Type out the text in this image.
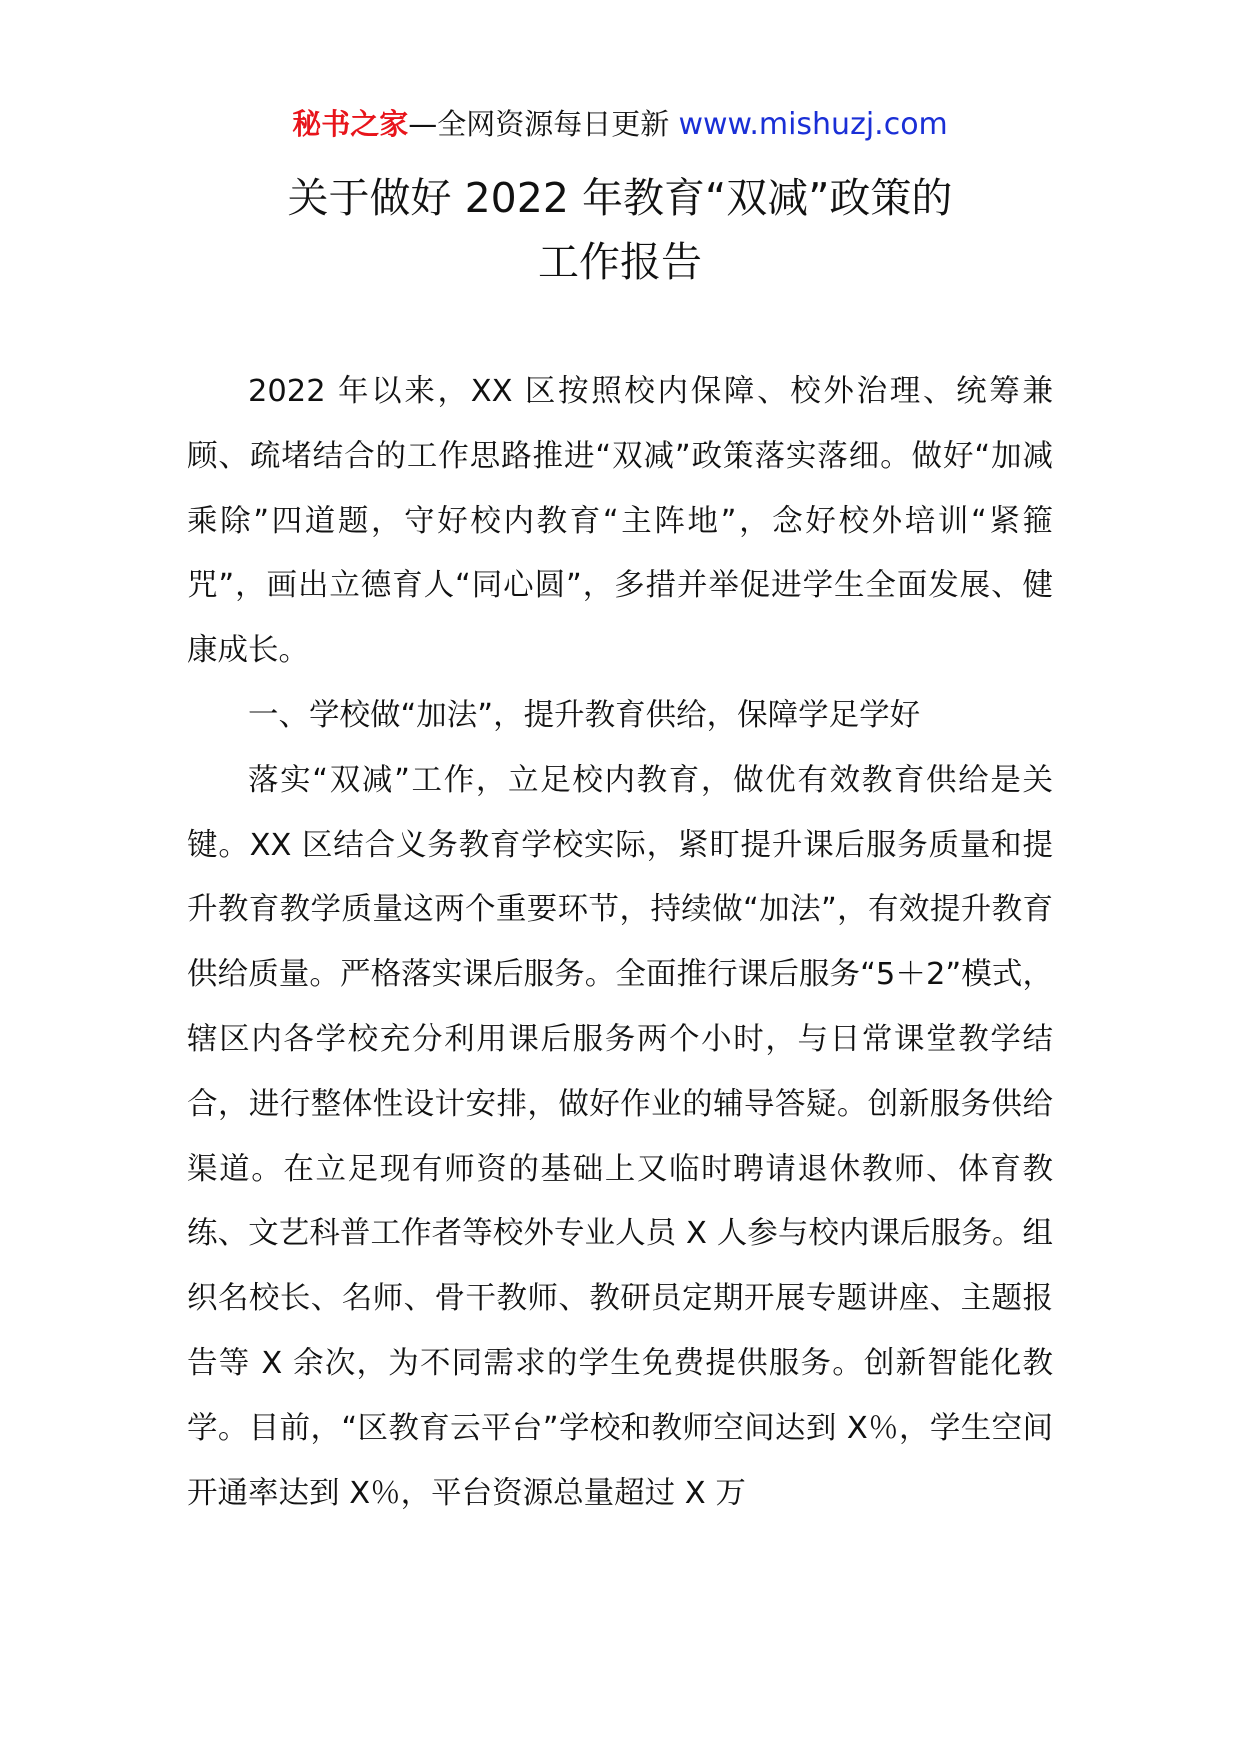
秘书之家—全网资源每日更新 www.mishuzj.com
关于做好 2022 年教育“双减”政策的
工作报告

2022 年以来，XX 区按照校内保障、校外治理、统筹兼顾、疏堵结合的工作思路推进“双减”政策落实落细。做好“加减乘除”四道题，守好校内教育“主阵地”，念好校外培训“紧箍咒”，画出立德育人“同心圆”，多措并举促进学生全面发展、健康成长。

一、学校做“加法”，提升教育供给，保障学足学好

落实“双减”工作，立足校内教育，做优有效教育供给是关键。XX 区结合义务教育学校实际，紧盯提升课后服务质量和提升教育教学质量这两个重要环节，持续做“加法”，有效提升教育供给质量。严格落实课后服务。全面推行课后服务“5＋2”模式，辖区内各学校充分利用课后服务两个小时，与日常课堂教学结合，进行整体性设计安排，做好作业的辅导答疑。创新服务供给渠道。在立足现有师资的基础上又临时聘请退休教师、体育教练、文艺科普工作者等校外专业人员 X 人参与校内课后服务。组织名校长、名师、骨干教师、教研员定期开展专题讲座、主题报告等 X 余次，为不同需求的学生免费提供服务。创新智能化教学。目前，“区教育云平台”学校和教师空间达到 X％，学生空间开通率达到 X％，平台资源总量超过 X 万
